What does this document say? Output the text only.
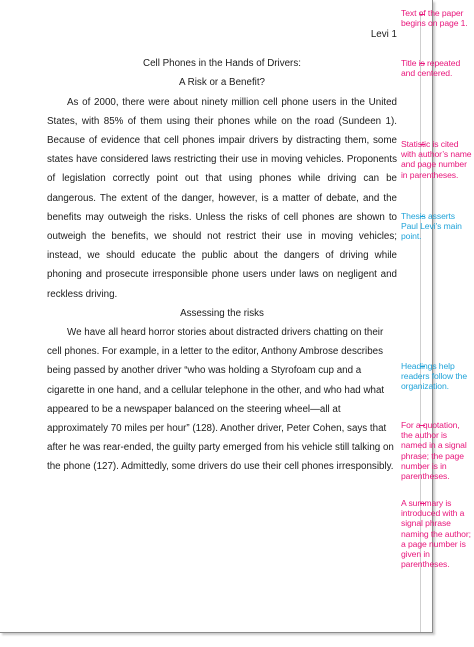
Levi 1
Cell Phones in the Hands of Drivers:
A Risk or a Benefit?

As of 2000, there were about ninety million cell phone users in the United States, with 85% of them using their phones while on the road (Sundeen 1). Because of evidence that cell phones impair drivers by distracting them, some states have considered laws restricting their use in moving vehicles. Proponents of legislation correctly point out that using phones while driving can be dangerous. The extent of the danger, however, is a matter of debate, and the benefits may outweigh the risks. Unless the risks of cell phones are shown to outweigh the benefits, we should not restrict their use in moving vehicles; instead, we should educate the public about the dangers of driving while phoning and prosecute irresponsible phone users under laws on negligent and reckless driving.

Assessing the risks

We have all heard horror stories about distracted drivers chatting on their cell phones. For example, in a letter to the editor, Anthony Ambrose describes being passed by another driver “who was holding a Styrofoam cup and a cigarette in one hand, and a cellular telephone in the other, and who had what appeared to be a newspaper balanced on the steering wheel—all at approximately 70 miles per hour” (128). Another driver, Peter Cohen, says that after he was rear-ended, the guilty party emerged from his vehicle still talking on the phone (127). Admittedly, some drivers do use their cell phones irresponsibly.

Text of the paper begins on page 1.
Title is repeated and centered.
Statistic is cited with author’s name and page number in parentheses.
Thesis asserts Paul Levi’s main point.
Headings help readers follow the organization.
For a quotation, the author is named in a signal phrase; the page number is in parentheses.
A summary is introduced with a signal phrase naming the author; a page number is given in parentheses.
